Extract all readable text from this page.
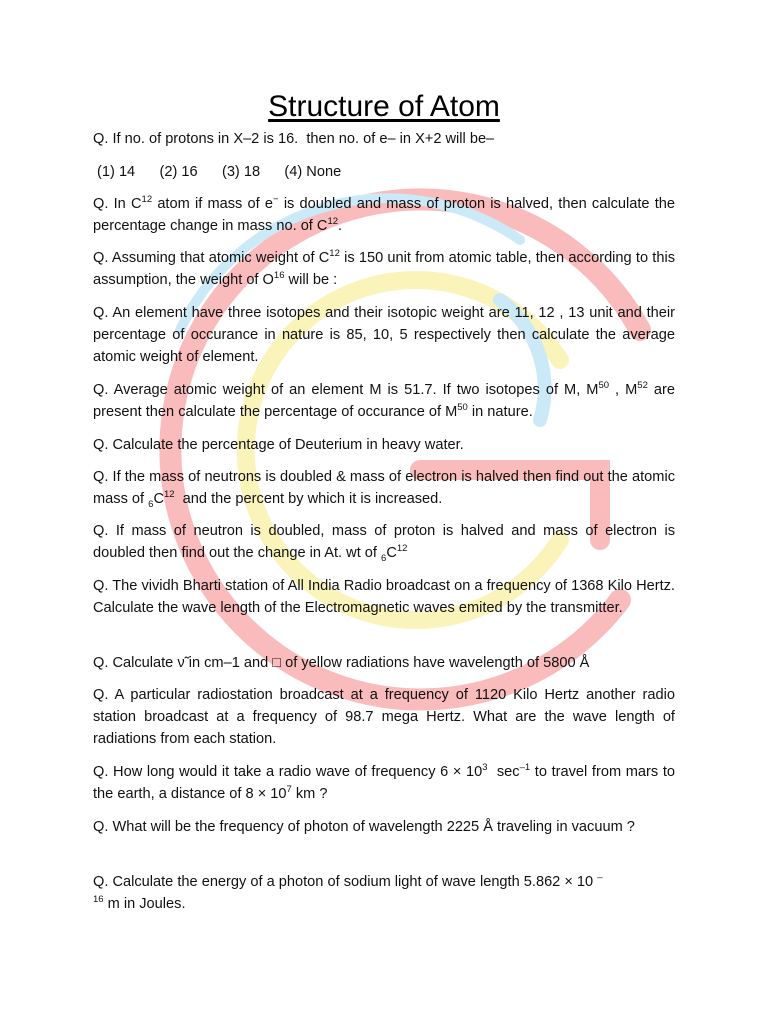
Structure of Atom

Q. If no. of protons in X–2 is 16.  then no. of e– in X+2 will be–

(1) 14      (2) 16      (3) 18      (4) None

Q. In $C^{12}$ atom if mass of e− is doubled and mass of proton is halved, then calculate the percentage change in mass no. of $C^{12}$.

Q. Assuming that atomic weight of $C^{12}$ is 150 unit from atomic table, then according to this assumption, the weight of $O^{16}$ will be :

Q. An element have three isotopes and their isotopic weight are 11, 12 , 13 unit and their percentage of occurance in nature is 85, 10, 5 respectively then calculate the average atomic weight of element.

Q. Average atomic weight of an element M is 51.7. If two isotopes of M, $M^{50}$ , $M^{52}$ are present then calculate the percentage of occurance of $M^{50}$ in nature.

Q. Calculate the percentage of Deuterium in heavy water.

Q. If the mass of neutrons is doubled & mass of electron is halved then find out the atomic mass of $_6C^{12}$  and the percent by which it is increased.

Q. If mass of neutron is doubled, mass of proton is halved and mass of electron is doubled then find out the change in At. wt of $_6C^{12}$

Q. The vividh Bharti station of All India Radio broadcast on a frequency of 1368 Kilo Hertz. Calculate the wave length of the Electromagnetic waves emited by the transmitter.

Q. Calculate ν̃ in cm–1 and □ of yellow radiations have wavelength of 5800 Å

Q. A particular radiostation broadcast at a frequency of 1120 Kilo Hertz another radio station broadcast at a frequency of 98.7 mega Hertz. What are the wave length of radiations from each station.

Q. How long would it take a radio wave of frequency $6 \times 10^3$  $\sec^{-1}$ to travel from mars to the earth, a distance of $8 \times 10^7$ km ?

Q. What will be the frequency of photon of wavelength 2225 Å traveling in vacuum ?

Q. Calculate the energy of a photon of sodium light of wave length 5.862 × 10 –
$^{16}$ m in Joules.
